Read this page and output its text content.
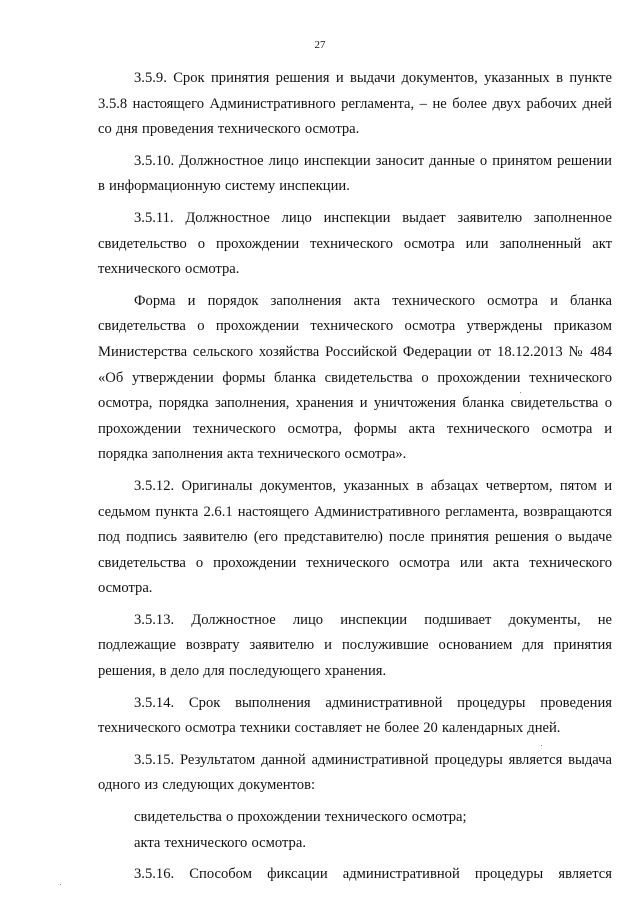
27

3.5.9. Срок принятия решения и выдачи документов, указанных в пункте 3.5.8 настоящего Административного регламента, – не более двух рабочих дней со дня проведения технического осмотра.

3.5.10. Должностное лицо инспекции заносит данные о принятом решении в информационную систему инспекции.

3.5.11. Должностное лицо инспекции выдает заявителю заполненное свидетельство о прохождении технического осмотра или заполненный акт технического осмотра.

Форма и порядок заполнения акта технического осмотра и бланка свидетельства о прохождении технического осмотра утверждены приказом Министерства сельского хозяйства Российской Федерации от 18.12.2013 № 484 «Об утверждении формы бланка свидетельства о прохождении технического осмотра, порядка заполнения, хранения и уничтожения бланка свидетельства о прохождении технического осмотра, формы акта технического осмотра и порядка заполнения акта технического осмотра».

3.5.12. Оригиналы документов, указанных в абзацах четвертом, пятом и седьмом пункта 2.6.1 настоящего Административного регламента, возвращаются под подпись заявителю (его представителю) после принятия решения о выдаче свидетельства о прохождении технического осмотра или акта технического осмотра.

3.5.13. Должностное лицо инспекции подшивает документы, не подлежащие возврату заявителю и послужившие основанием для принятия решения, в дело для последующего хранения.

3.5.14. Срок выполнения административной процедуры проведения технического осмотра техники составляет не более 20 календарных дней.

3.5.15. Результатом данной административной процедуры является выдача одного из следующих документов:

свидетельства о прохождении технического осмотра;

акта технического осмотра.

3.5.16. Способом фиксации административной процедуры является
